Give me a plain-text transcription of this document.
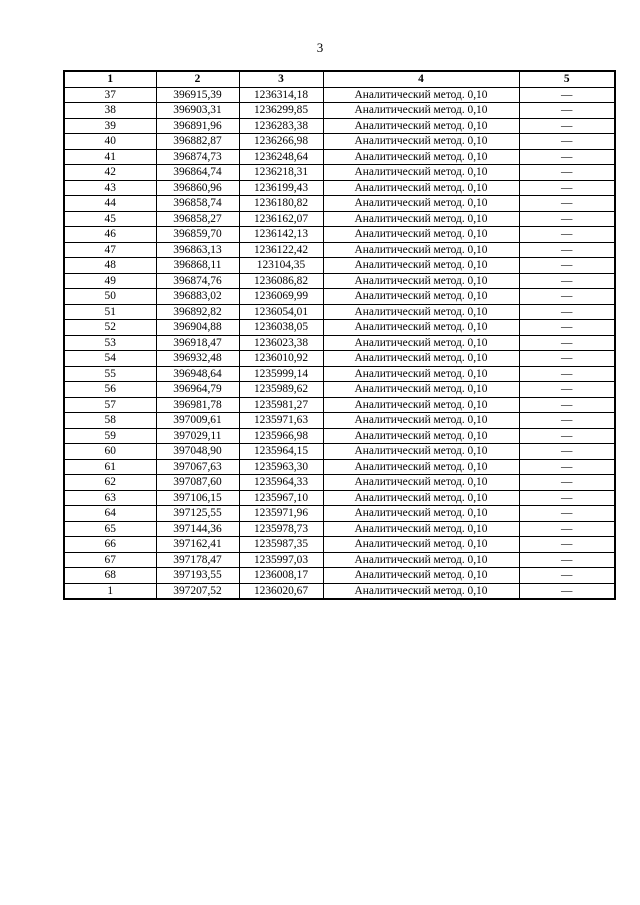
3
1	2	3	4	5
37	396915,39	1236314,18	Аналитический метод. 0,10	—
38	396903,31	1236299,85	Аналитический метод. 0,10	—
39	396891,96	1236283,38	Аналитический метод. 0,10	—
40	396882,87	1236266,98	Аналитический метод. 0,10	—
41	396874,73	1236248,64	Аналитический метод. 0,10	—
42	396864,74	1236218,31	Аналитический метод. 0,10	—
43	396860,96	1236199,43	Аналитический метод. 0,10	—
44	396858,74	1236180,82	Аналитический метод. 0,10	—
45	396858,27	1236162,07	Аналитический метод. 0,10	—
46	396859,70	1236142,13	Аналитический метод. 0,10	—
47	396863,13	1236122,42	Аналитический метод. 0,10	—
48	396868,11	123104,35	Аналитический метод. 0,10	—
49	396874,76	1236086,82	Аналитический метод. 0,10	—
50	396883,02	1236069,99	Аналитический метод. 0,10	—
51	396892,82	1236054,01	Аналитический метод. 0,10	—
52	396904,88	1236038,05	Аналитический метод. 0,10	—
53	396918,47	1236023,38	Аналитический метод. 0,10	—
54	396932,48	1236010,92	Аналитический метод. 0,10	—
55	396948,64	1235999,14	Аналитический метод. 0,10	—
56	396964,79	1235989,62	Аналитический метод. 0,10	—
57	396981,78	1235981,27	Аналитический метод. 0,10	—
58	397009,61	1235971,63	Аналитический метод. 0,10	—
59	397029,11	1235966,98	Аналитический метод. 0,10	—
60	397048,90	1235964,15	Аналитический метод. 0,10	—
61	397067,63	1235963,30	Аналитический метод. 0,10	—
62	397087,60	1235964,33	Аналитический метод. 0,10	—
63	397106,15	1235967,10	Аналитический метод. 0,10	—
64	397125,55	1235971,96	Аналитический метод. 0,10	—
65	397144,36	1235978,73	Аналитический метод. 0,10	—
66	397162,41	1235987,35	Аналитический метод. 0,10	—
67	397178,47	1235997,03	Аналитический метод. 0,10	—
68	397193,55	1236008,17	Аналитический метод. 0,10	—
1	397207,52	1236020,67	Аналитический метод. 0,10	—
